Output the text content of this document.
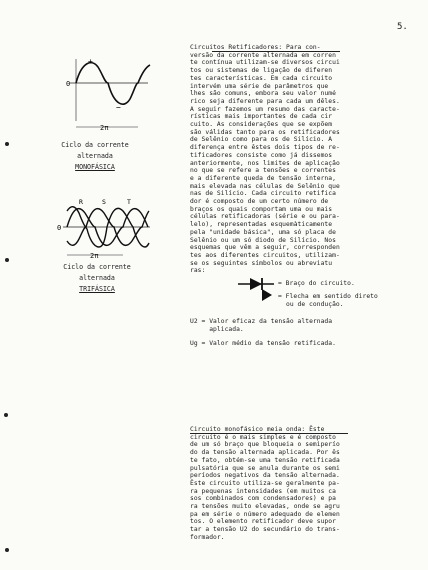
5.
0
+
−
2π
Ciclo da corrente
alternada
MONOFÁSICA
0
R	S	T
2π
Ciclo da corrente
alternada
TRIFÁSICA
Circuitos Retificadores: Para con-
versão da corrente alternada em corren
te contínua utilizam-se diversos circui
tos ou sistemas de ligação de diferen
tes características. Em cada circuito
intervém uma série de parâmetros que
lhes são comuns, embora seu valor numé
rico seja diferente para cada um dêles.
A seguir fazemos um resumo das caracte-
rísticas mais importantes de cada cir
cuito. As considerações que se expõem
são válidas tanto para os retificadores
de Selênio como para os de Silício. A
diferença entre êstes dois tipos de re-
tificadores consiste como já dissemos
anteriormente, nos limites de aplicação
no que se refere a tensões e correntes
e a diferente queda de tensão interna,
mais elevada nas células de Selênio que
nas de Silício. Cada circuito retifica
dor é composto de um certo número de
braços os quais comportam uma ou mais
células retificadoras (série e ou para-
lelo), representadas esquemàticamente
pela "unidade básica", uma só placa de
Selênio ou um só diodo de Silício. Nos
esquemas que vêm a seguir, corresponden
tes aos diferentes circuitos, utilizam-
se os seguintes símbolos ou abreviatu
ras:
= Braço do circuito.
= Flecha em sentido direto
ou de condução.
U2 = Valor eficaz da tensão alternada
aplicada.
Ug = Valor médio da tensão retificada.
Circuito monofásico meia onda: Êste
circuito é o mais simples e é composto
de um só braço que bloqueia o semiperío
do da tensão alternada aplicada. Por ês
te fato, obtém-se uma tensão retificada
pulsatória que se anula durante os semi
períodos negativos da tensão alternada.
Êste circuito utiliza-se geralmente pa-
ra pequenas intensidades (em muitos ca
sos combinados com condensadores) e pa
ra tensões muito elevadas, onde se agru
pa em série o número adequado de elemen
tos. O elemento retificador deve supor
tar a tensão U2 do secundário do trans-
formador.
